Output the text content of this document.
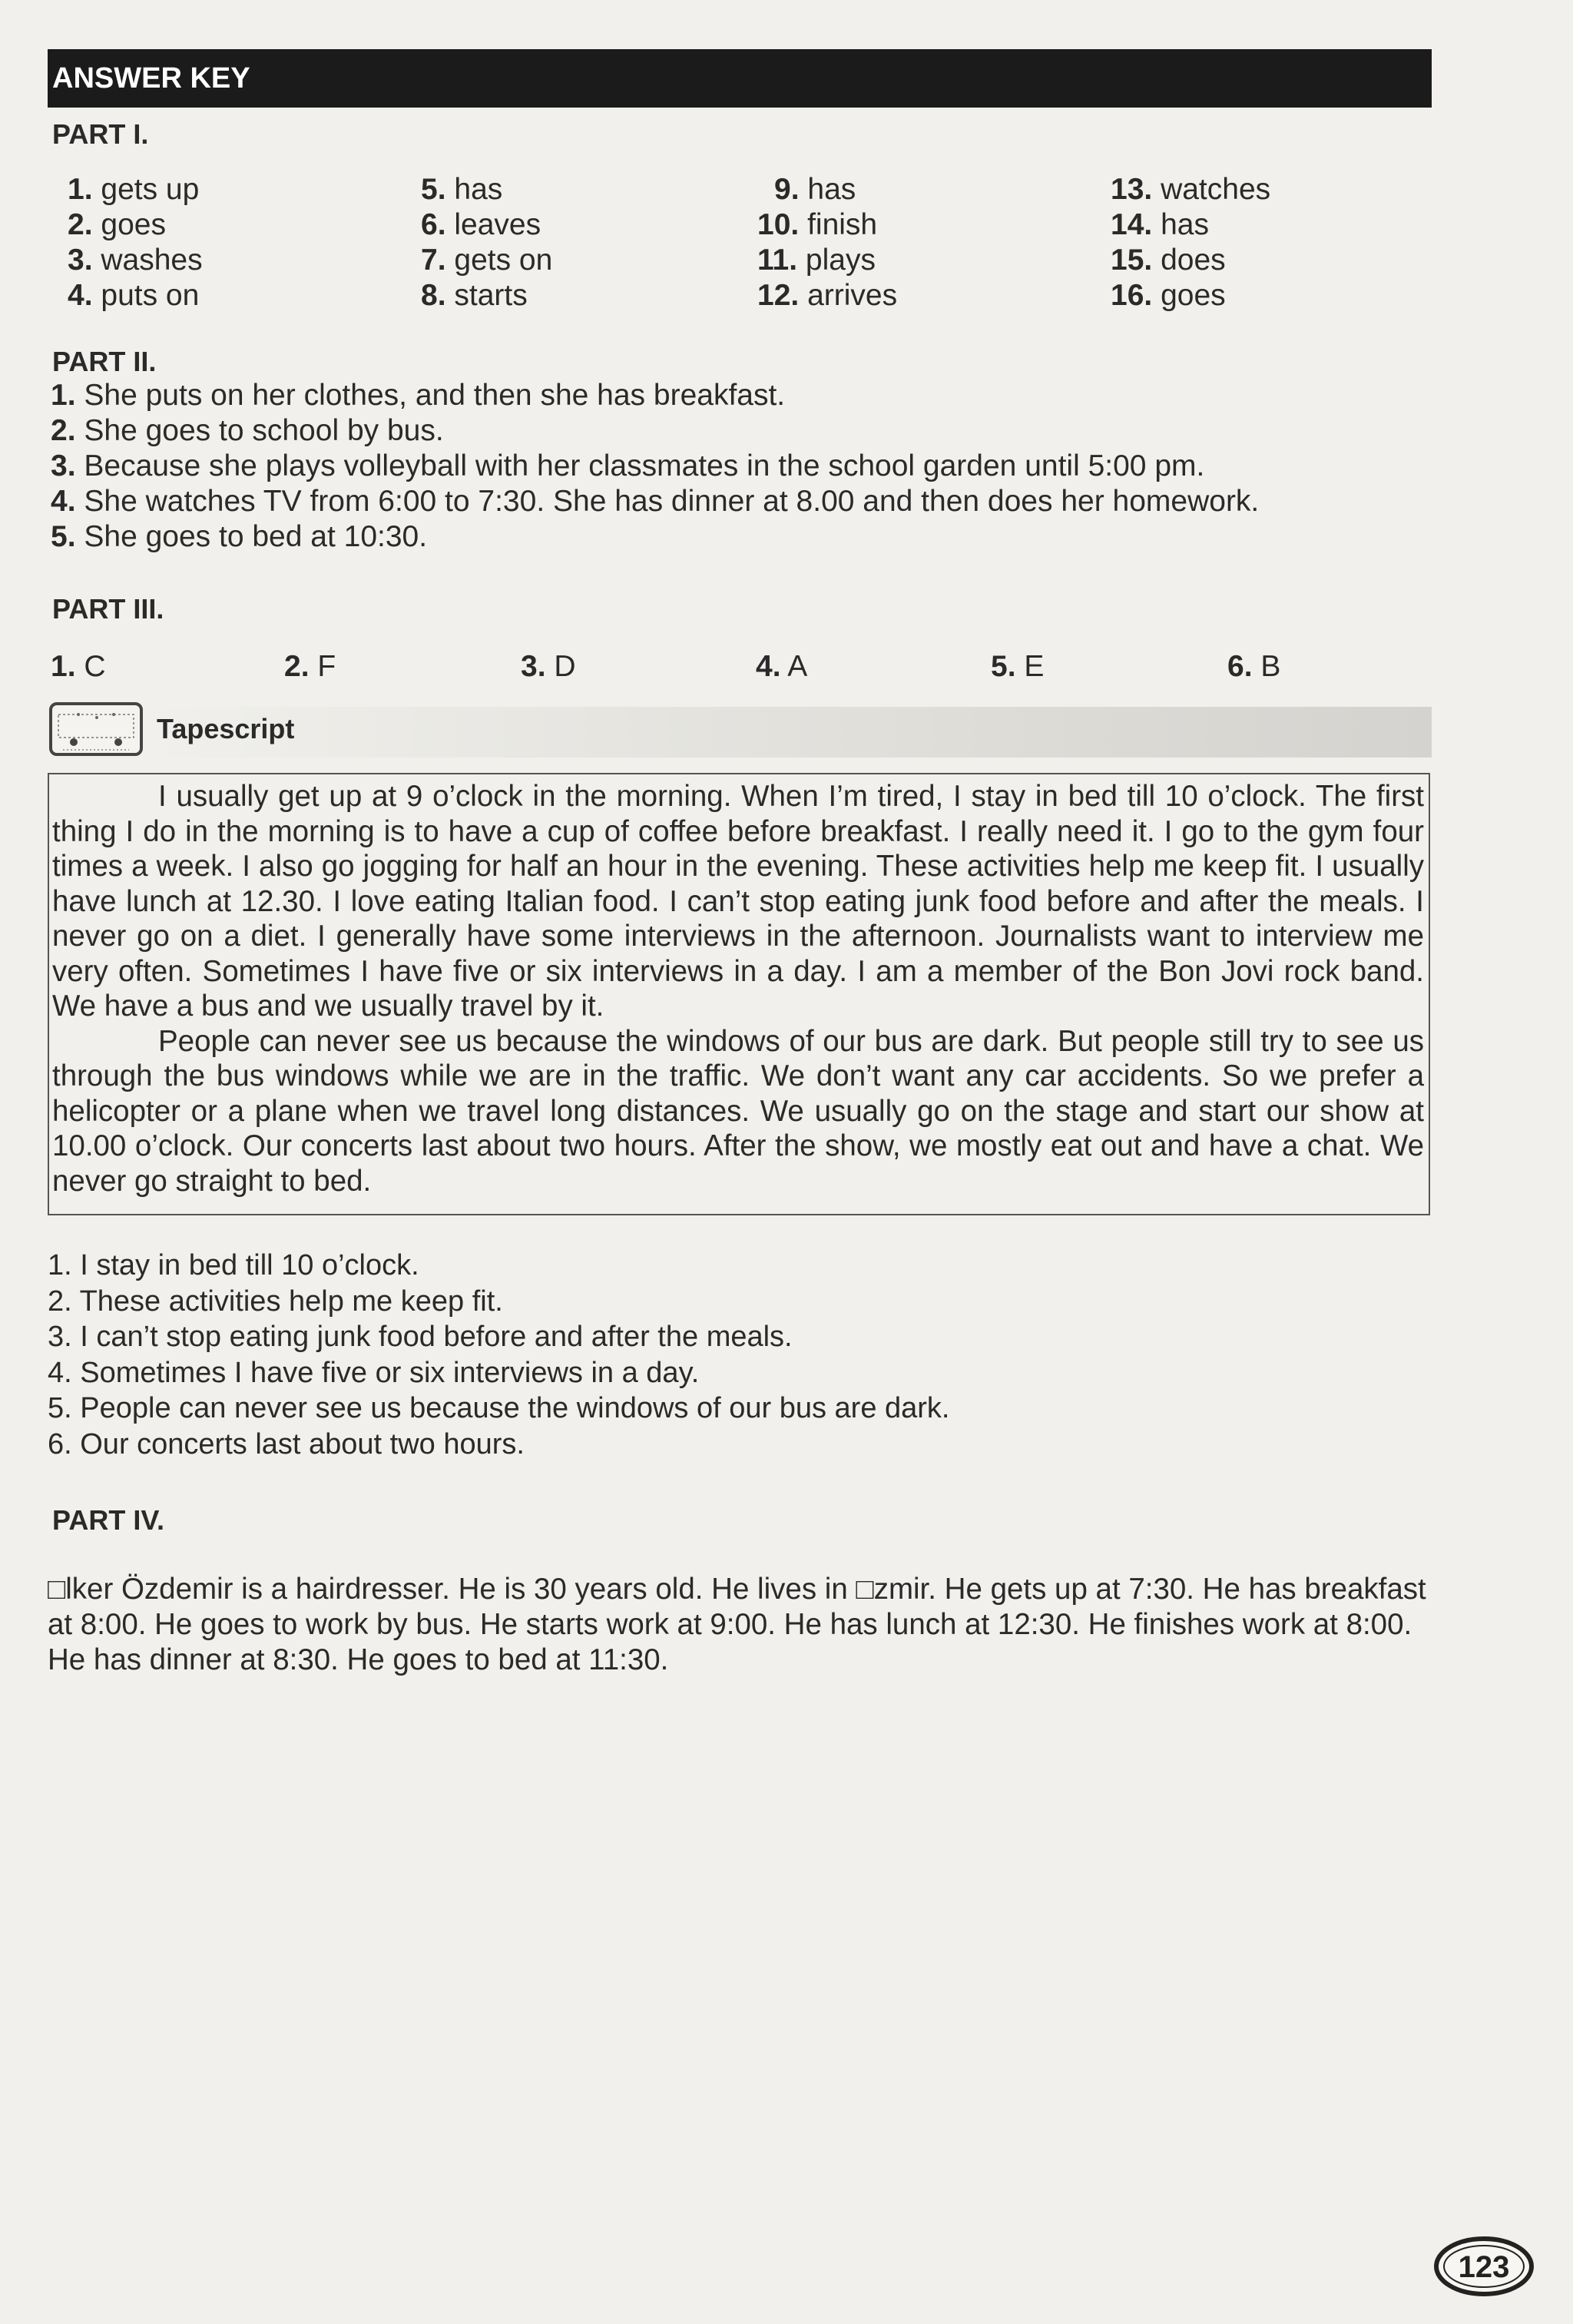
ANSWER KEY
PART I.
1. gets up
2. goes
3. washes
4. puts on
5. has
6. leaves
7. gets on
8. starts
9. has
10. finish
11. plays
12. arrives
13. watches
14. has
15. does
16. goes
PART II.
1. She puts on her clothes, and then she has breakfast.
2. She goes to school by bus.
3. Because she plays volleyball with her classmates in the school garden until 5:00 pm.
4. She watches TV from 6:00 to 7:30. She has dinner at 8.00 and then does her homework.
5. She goes to bed at 10:30.
PART III.
1. C	2. F	3. D	4. A	5. E	6. B
Tapescript

I usually get up at 9 o’clock in the morning. When I’m tired, I stay in bed till 10 o’clock. The first thing I do in the morning is to have a cup of coffee before breakfast. I really need it. I go to the gym four times a week. I also go jogging for half an hour in the evening. These activities help me keep fit. I usually have lunch at 12.30. I love eating Italian food. I can’t stop eating junk food before and after the meals. I never go on a diet. I generally have some interviews in the afternoon. Journalists want to interview me very often. Sometimes I have five or six interviews in a day. I am a member of the Bon Jovi rock band. We have a bus and we usually travel by it.

People can never see us because the windows of our bus are dark. But people still try to see us through the bus windows while we are in the traffic. We don’t want any car accidents. So we prefer a helicopter or a plane when we travel long distances. We usually go on the stage and start our show at 10.00 o’clock. Our concerts last about two hours. After the show, we mostly eat out and have a chat. We never go straight to bed.

1. I stay in bed till 10 o’clock.
2. These activities help me keep fit.
3. I can’t stop eating junk food before and after the meals.
4. Sometimes I have five or six interviews in a day.
5. People can never see us because the windows of our bus are dark.
6. Our concerts last about two hours.
PART IV.

□lker Özdemir is a hairdresser. He is 30 years old. He lives in □zmir. He gets up at 7:30. He has breakfast at 8:00. He goes to work by bus. He starts work at 9:00. He has lunch at 12:30. He finishes work at 8:00. He has dinner at 8:30. He goes to bed at 11:30.

123
